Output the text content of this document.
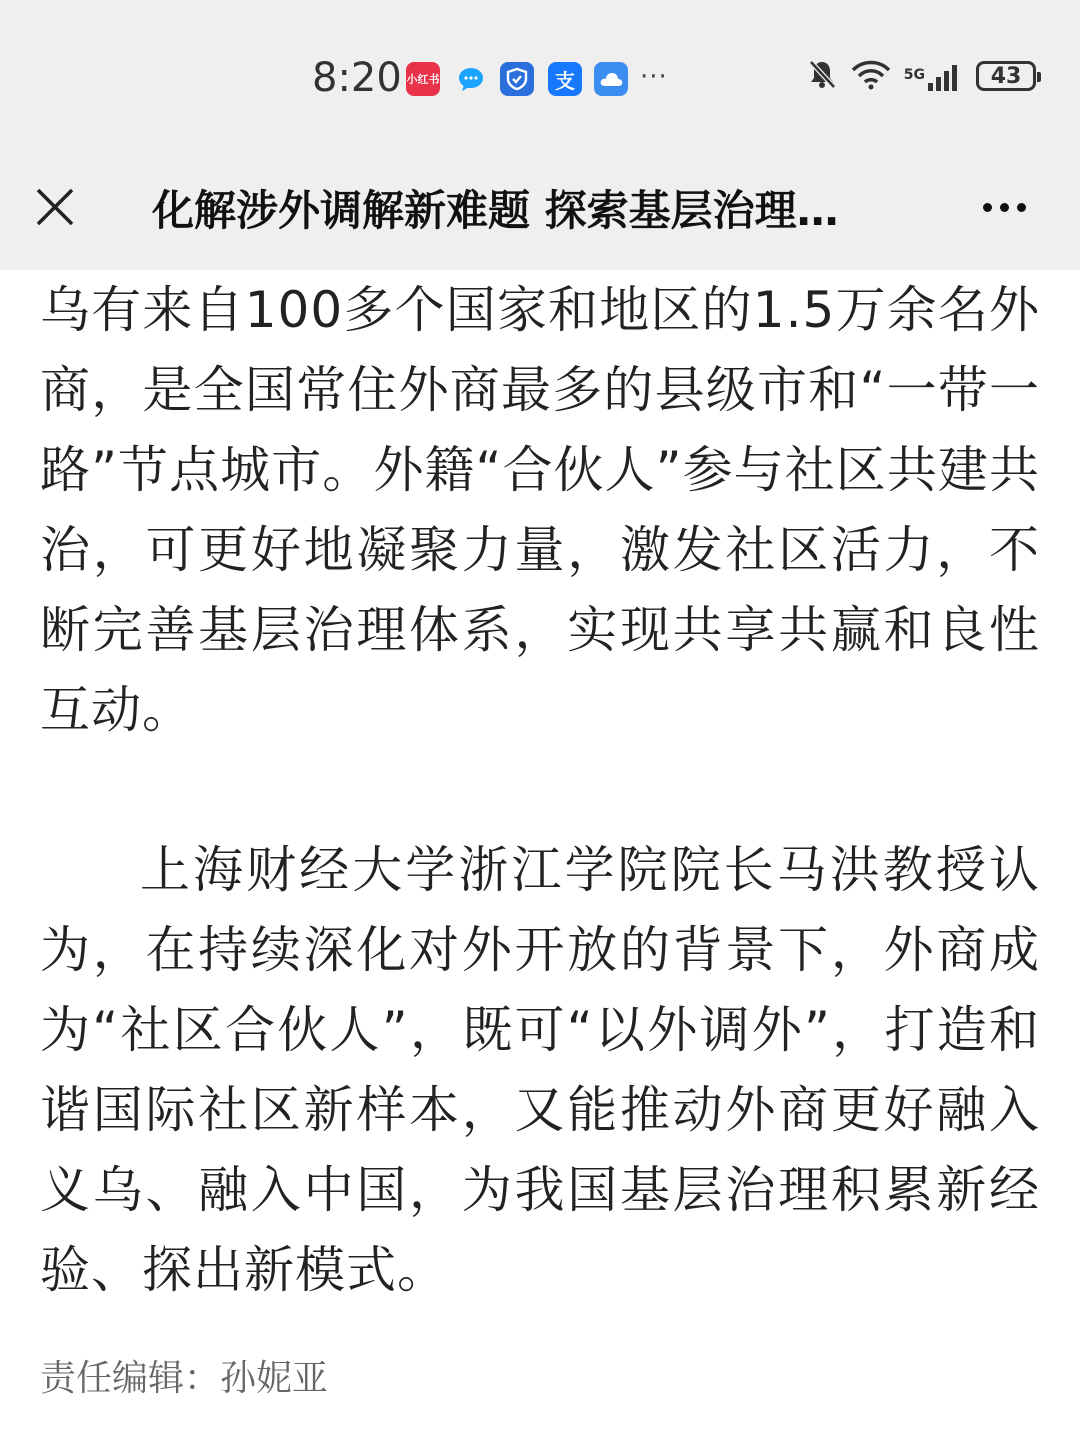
8:20 小红书	支	···	5G	43
化解涉外调解新难题 探索基层治理…

乌有来自100多个国家和地区的1.5万余名外商，是全国常住外商最多的县级市和“一带一路”节点城市。外籍“合伙人”参与社区共建共治，可更好地凝聚力量，激发社区活力，不断完善基层治理体系，实现共享共赢和良性互动。

上海财经大学浙江学院院长马洪教授认为，在持续深化对外开放的背景下，外商成为“社区合伙人”，既可“以外调外”，打造和谐国际社区新样本，又能推动外商更好融入义乌、融入中国，为我国基层治理积累新经验、探出新模式。

责任编辑：孙妮亚
